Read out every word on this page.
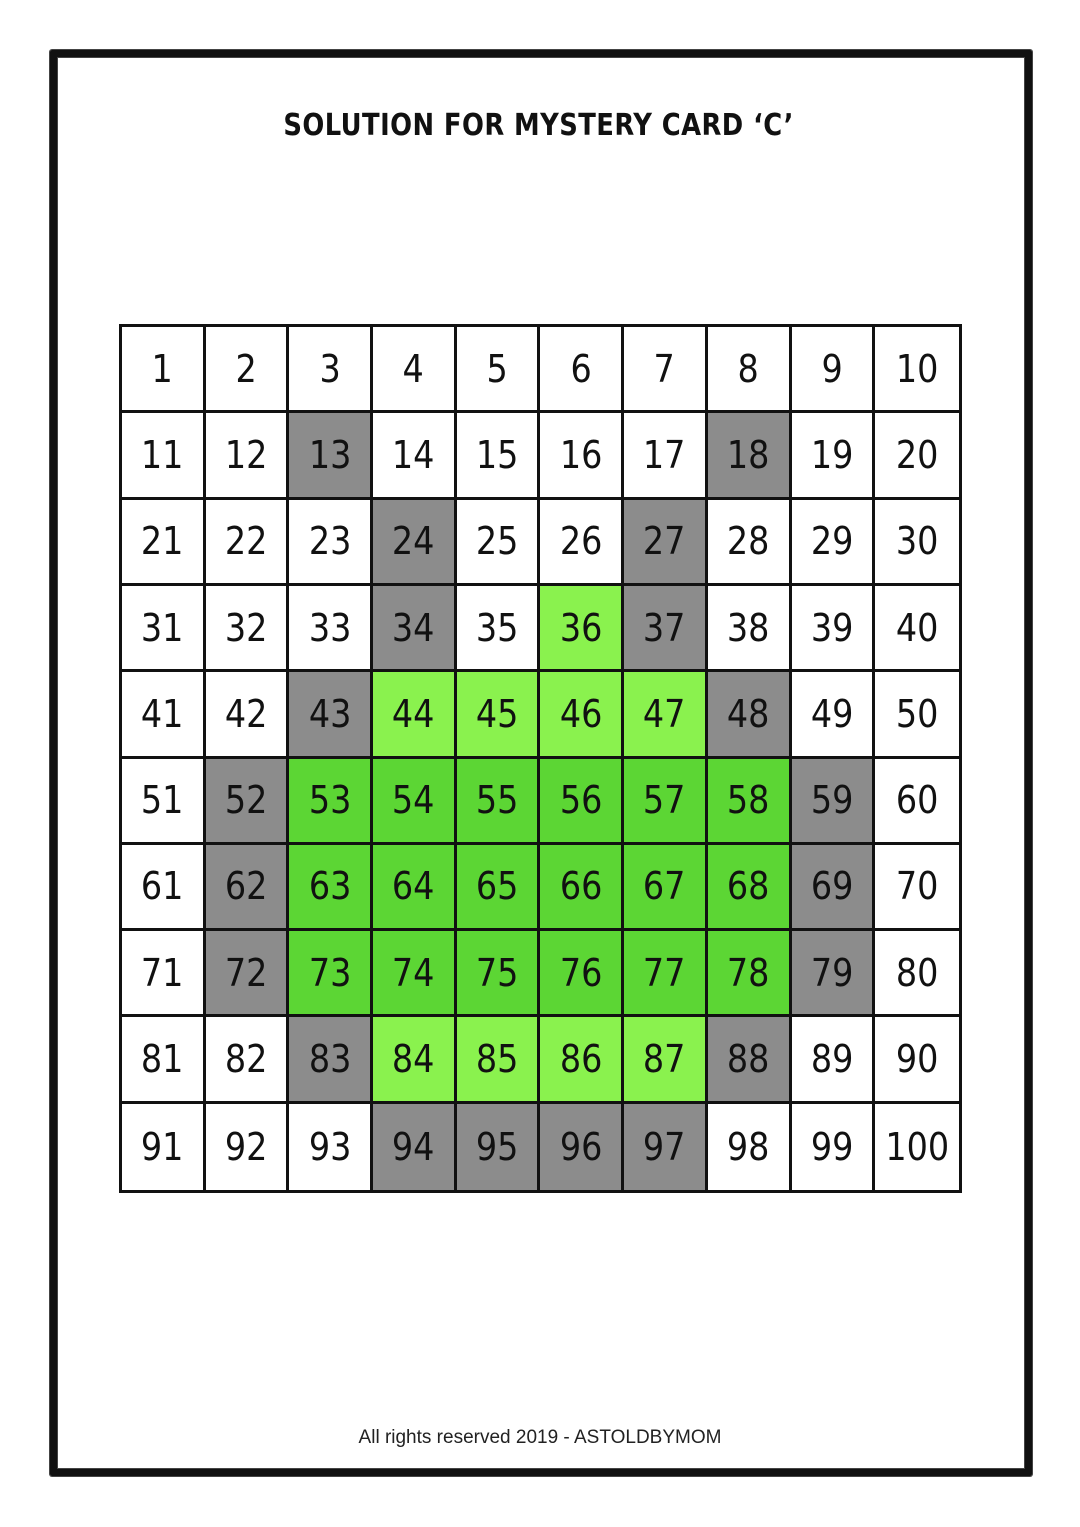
SOLUTION FOR MYSTERY CARD ‘C’
1 2 3 4 5 6 7 8 9 10
11 12 13 14 15 16 17 18 19 20
21 22 23 24 25 26 27 28 29 30
31 32 33 34 35 36 37 38 39 40
41 42 43 44 45 46 47 48 49 50
51 52 53 54 55 56 57 58 59 60
61 62 63 64 65 66 67 68 69 70
71 72 73 74 75 76 77 78 79 80
81 82 83 84 85 86 87 88 89 90
91 92 93 94 95 96 97 98 99 100
All rights reserved 2019 - ASTOLDBYMOM
